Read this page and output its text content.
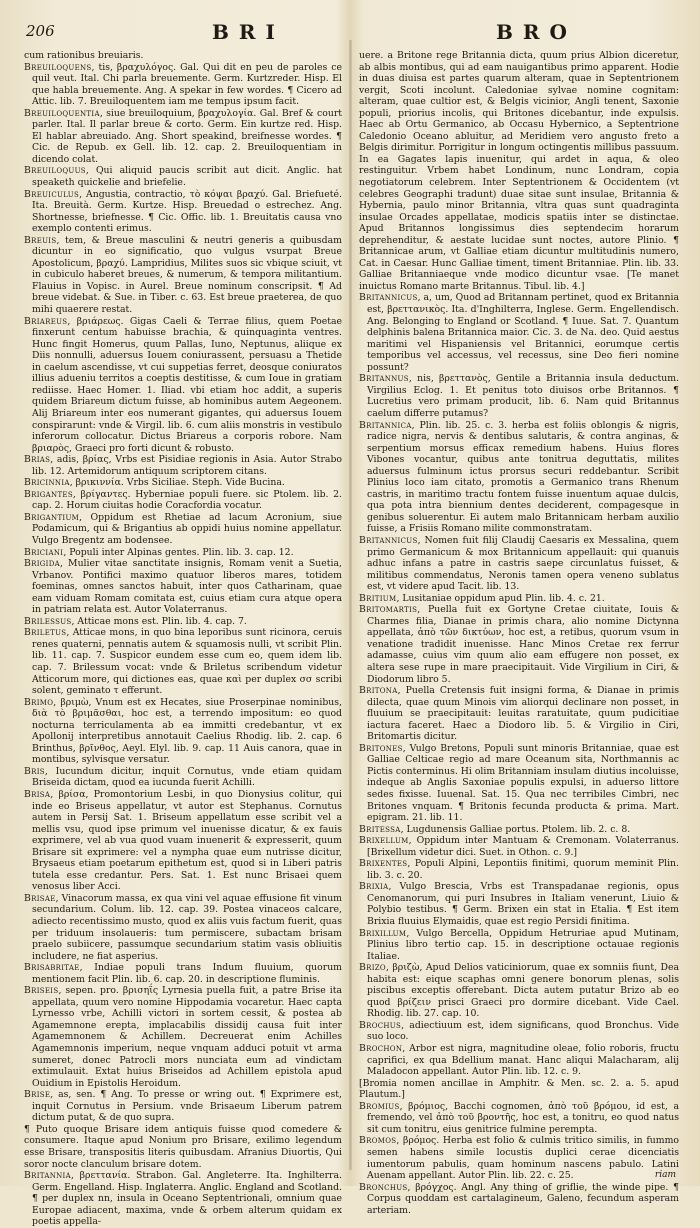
206	BRI	BRO

cum rationibus breuiaris.

Breuiloquens, tis, βραχυλόγος. Gal. Qui dit en peu de paroles ce quil veut. Ital. Chi parla breuemente. Germ. Kurtzreder. Hisp. El que habla breuemente. Ang. A spekar in few wordes. ¶ Cicero ad Attic. lib. 7. Breuiloquentem iam me tempus ipsum facit.

Breuiloquentia, siue breuiloquium, βραχυλογία. Gal. Bref & court parler. Ital. Il parlar breue & corto. Germ. Ein kurtze red. Hisp. El hablar abreuiado. Ang. Short speakind, breifnesse wordes. ¶ Cic. de Repub. ex Gell. lib. 12. cap. 2. Breuiloquentiam in dicendo colat.

Breuiloquus, Qui aliquid paucis scribit aut dicit. Anglic. hat speaketh quickelie and briefelie.

Breuiculus, Angustia, contractio, τὸ κόψαι βραχύ. Gal. Briefueté. Ita. Breuità. Germ. Kurtze. Hisp. Breuedad o estrechez. Ang. Shortnesse, briefnesse. ¶ Cic. Offic. lib. 1. Breuitatis causa vno exemplo contenti erimus.

Breuis, tem, & Breue masculini & neutri generis a quibusdam dicuntur in eo significatio, quo vulgus vsurpat Breue Apostolicum, βραχύ. Lampridius, Milites suos sic vbique sciuit, vt in cubiculo haberet breues, & numerum, & tempora militantium. Flauius in Vopisc. in Aurel. Breue nominum conscripsit. ¶ Ad breue videbat. & Sue. in Tiber. c. 63. Est breue praeterea, de quo mihi quaerere restat.

Briareus, βριάρεως. Gigas Caeli & Terrae filius, quem Poetae finxerunt centum habuisse brachia, & quinquaginta ventres. Hunc fingit Homerus, quum Pallas, Iuno, Neptunus, aliique ex Diis nonnulli, aduersus Iouem coniurassent, persuasu a Thetide in caelum ascendisse, vt cui suppetias ferret, deosque coniuratos illius adueniu territos a coeptis destitisse, & cum Ioue in gratiam rediisse. Haec Homer. 1. Iliad. vbi etiam hoc addit, a superis quidem Briareum dictum fuisse, ab hominibus autem Aegeonem. Alij Briareum inter eos numerant gigantes, qui aduersus Iouem conspirarunt: vnde & Virgil. lib. 6. cum aliis monstris in vestibulo inferorum collocatur. Dictus Briareus a corporis robore. Nam βριαρὸς, Graeci pro forti dicunt & robusto.

Brias, adis, βρίας, Vrbs est Pisidiae regionis in Asia. Autor Strabo lib. 12. Artemidorum antiquum scriptorem citans.

Bricinnia, βρικιννία. Vrbs Siciliae. Steph. Vide Bucina.

Brigantes, βρίγαντες. Hyberniae populi fuere. sic Ptolem. lib. 2. cap. 2. Horum ciuitas hodie Coracfordia vocatur.

Brigantium, Oppidum est Rhetiae ad lacum Acronium, siue Podamicum, qui & Brigantius ab oppidi huius nomine appellatur. Vulgo Bregentz am bodensee.

Briciani, Populi inter Alpinas gentes. Plin. lib. 3. cap. 12.

Brigida, Mulier vitae sanctitate insignis, Romam venit a Suetia, Vrbanov. Pontifici maximo quatuor liberos mares, totidem foeminas, omnes sanctos habuit, inter quos Catharinam, quae eam viduam Romam comitata est, cuius etiam cura atque opera in patriam relata est. Autor Volaterranus.

Brilessus, Atticae mons est. Plin. lib. 4. cap. 7.

Briletus, Atticae mons, in quo bina leporibus sunt ricinora, ceruis renes quaterni, pennatis autem & squamosis nulli, vt scribit Plin. lib. 11. cap. 7. Suspicor eundem esse cum eo, quem idem lib. cap. 7. Brilessum vocat: vnde & Briletus scribendum videtur Atticorum more, qui dictiones eas, quae καὶ per duplex σσ scribi solent, geminato τ efferunt.

Brimo, βριμὼ, Vnum est ex Hecates, siue Proserpinae nominibus, διὰ τὸ βριμᾶσθαι, hoc est, a terrendo impositum: eo quod nocturna terriculamenta ab ea immitti credebantur, vt ex Apollonij interpretibus annotauit Caelius Rhodig. lib. 2. cap. 6 Brinthus, βρῖνθος, Aeyl. Elyl. lib. 9. cap. 11 Auis canora, quae in montibus, sylvisque versatur.

Bris, Iucundum dicitur, inquit Cornutus, vnde etiam quidam Briseida dictam, quod ea iucunda fuerit Achilli.

Brisa, βρίσα, Promontorium Lesbi, in quo Dionysius colitur, qui inde eo Briseus appellatur, vt autor est Stephanus. Cornutus autem in Persij Sat. 1. Briseum appellatum esse scribit vel a mellis vsu, quod ipse primum vel inuenisse dicatur, & ex fauis exprimere, vel ab vua quod vuam inuenerit & expresserit, quum Brisare sit exprimere: vel a nympha quae eum nutrisse dicitur, Brysaeus etiam poetarum epithetum est, quod si in Liberi patris tutela esse credantur. Pers. Sat. 1. Est nunc Brisaei quem venosus liber Acci.

Brisae, Vinacorum massa, ex qua vini vel aquae effusione fit vinum secundarium. Colum. lib. 12. cap. 39. Postea vinaceos calcare, adiecto recentissimo musto, quod ex aliis vuis factum fuerit, quas per triduum insolaueris: tum permiscere, subactam brisam praelo subiicere, passumque secundarium statim vasis obliuitis includere, ne fiat asperius.

Brisabritae, Indiae populi trans Indum fluuium, quorum mentionem facit Plin. lib. 6. cap. 20. in descriptione fluminis.

Briseis, sepen. pro. βρισηΐς Lyrnesia puella fuit, a patre Brise ita appellata, quum vero nomine Hippodamia vocaretur. Haec capta Lyrnesso vrbe, Achilli victori in sortem cessit, & postea ab Agamemnone erepta, implacabilis dissidij causa fuit inter Agamemnonem & Achillem. Decreuerat enim Achilles Agamemnonis imperium, neque vnquam adduci potuit vt arma sumeret, donec Patrocli mors nunciata eum ad vindictam extimulauit. Extat huius Briseidos ad Achillem epistola apud Ouidium in Epistolis Heroidum.

Brise, as, sen. ¶ Ang. To presse or wring out. ¶ Exprimere est, inquit Cornutus in Persium. vnde Brisaeum Liberum patrem dictum putat, & de quo supra.

¶ Puto quoque Brisare idem antiquis fuisse quod comedere & consumere. Itaque apud Nonium pro Brisare, exilimo legendum esse Brisare, transpositis literis quibusdam. Afranius Diuortis, Qui soror nocte clanculum brisare dotem.

Britannia, βρεττανία. Strabon. Gal. Angleterre. Ita. Inghilterra. Germ. Engelland. Hisp. Inglaterra. Anglic. England and Scotland. ¶ per duplex nn, insula in Oceano Septentrionali, omnium quae Europae adiacent, maxima, vnde & orbem alterum quidam ex poetis appella-

uere. a Britone rege Britannia dicta, quum prius Albion diceretur, ab albis montibus, qui ad eam nauigantibus primo apparent. Hodie in duas diuisa est partes quarum alteram, quae in Septentrionem vergit, Scoti incolunt. Caledoniae sylvae nomine cognitam: alteram, quae cultior est, & Belgis vicinior, Angli tenent, Saxonie populi, priorius incolis, qui Britones dicebantur, inde expulsis. Haec ab Ortu Germanico, ab Occasu Hybernico, a Septentrione Caledonio Oceano abluitur, ad Meridiem vero angusto freto a Belgis dirimitur. Porrigitur in longum octingentis millibus passuum. In ea Gagates lapis inuenitur, qui ardet in aqua, & oleo restinguitur. Vrbem habet Londinum, nunc Londram, copia negotiatorum celebrem. Inter Septentrionem & Occidentem (vt celebres Geographi tradunt) duae sitae sunt insulae, Britannia & Hybernia, paulo minor Britannia, vltra quas sunt quadraginta insulae Orcades appellatae, modicis spatiis inter se distinctae. Apud Britannos longissimus dies septendecim horarum deprehenditur, & aestate lucidae sunt noctes, autore Plinio. ¶ Britannicae arum, vt Galliae etiam dicuntur multitudinis numero, Cat. in Caesar. Hunc Galliae timent, timent Britanniae. Plin. lib. 33. Galliae Britanniaeque vnde modico dicuntur vsae. [Te manet inuictus Romano marte Britannus. Tibul. lib. 4.]

Britannicus, a, um, Quod ad Britannam pertinet, quod ex Britannia est, βρεττανικὸς. Ita. d'Inghilterra, Inglese. Germ. Engellendisch. Ang. Belonging to England or Scotland. ¶ Iuue. Sat. 7. Quantum delphinis balena Britannica maior. Cic. 3. de Na. deo. Quid aestus maritimi vel Hispaniensis vel Britannici, eorumque certis temporibus vel accessus, vel recessus, sine Deo fieri nomine possunt?

Britannus, nis, βρεττανὸς, Gentile a Britannia insula deductum. Virgilius Eclog. 1. Et penitus toto diuisos orbe Britannos. ¶ Lucretius vero primam producit, lib. 6. Nam quid Britannus caelum differre putamus?

Britannica, Plin. lib. 25. c. 3. herba est foliis oblongis & nigris, radice nigra, nervis & dentibus salutaris, & contra anginas, & serpentium morsus efficax remedium habens. Huius flores Vibones vocantur, quibus ante tonitrua deguttatis, milites aduersus fulminum ictus prorsus securi reddebantur. Scribit Plinius loco iam citato, promotis a Germanico trans Rhenum castris, in maritimo tractu fontem fuisse inuentum aquae dulcis, qua pota intra biennium dentes deciderent, compagesque in genibus soluerentur. Ei autem malo Britannicam herbam auxilio fuisse, a Frisiis Romano milite commonstratam.

Britannicus, Nomen fuit filij Claudij Caesaris ex Messalina, quem primo Germanicum & mox Britannicum appellauit: qui quanuis adhuc infans a patre in castris saepe circunlatus fuisset, & militibus commendatus, Neronis tamen opera veneno sublatus est, vt videre apud Tacit. lib. 13.

Britium, Lusitaniae oppidum apud Plin. lib. 4. c. 21.

Britomartis, Puella fuit ex Gortyne Cretae ciuitate, Iouis & Charmes filia, Dianae in primis chara, alio nomine Dictynna appellata, ἀπὸ τῶν δικτύων, hoc est, a retibus, quorum vsum in venatione tradidit inuenisse. Hanc Minos Cretae rex ferrur adamasse, cuius vim quum alio eam effugere non posset, ex altera sese rupe in mare praecipitauit. Vide Virgilium in Ciri, & Diodorum libro 5.

Britona, Puella Cretensis fuit insigni forma, & Dianae in primis dilecta, quae quum Minois vim aliorqui declinare non posset, in fluuium se praecipitauit: leuitas raratuitate, quum pudicitiae iactura faceret. Haec a Diodoro lib. 5. & Virgilio in Ciri, Britomartis dicitur.

Britones, Vulgo Bretons, Populi sunt minoris Britanniae, quae est Galliae Celticae regio ad mare Oceanum sita, Northmannis ac Pictis conterminus. Hi olim Britanniam insulam diutius incoluisse, indeque ab Anglis Saxoniae populis expulsi, in aduerso littore sedes fixisse. Iuuenal. Sat. 15. Qua nec terribiles Cimbri, nec Britones vnquam. ¶ Britonis fecunda producta & prima. Mart. epigram. 21. lib. 11.

Britessa, Lugdunensis Galliae portus. Ptolem. lib. 2. c. 8.

Brixellum, Oppidum inter Mantuam & Cremonam. Volaterranus. [Brixellum videtur dici. Suet. in Othon. c. 9.]

Brixentes, Populi Alpini, Lepontiis finitimi, quorum meminit Plin. lib. 3. c. 20.

Brixia, Vulgo Brescia, Vrbs est Transpadanae regionis, opus Cenomanorum, qui puri Insubres in Italiam venerunt, Liuio & Polybio testibus. ¶ Germ. Brixen ein stat in Etalia. ¶ Est item Brixia fluuius Elymaidis, quae est regio Persidi finitima.

Brixillum, Vulgo Bercella, Oppidum Hetruriae apud Mutinam, Plinius libro tertio cap. 15. in descriptione octauae regionis Italiae.

Brizo, βριζὼ, Apud Delios vaticiniorum, quae ex somniis fiunt, Dea habita est: eique scaphas omni genere bonorum plenas, solis piscibus exceptis offerebant. Dicta autem putatur Brizo ab eo quod βρίζειν prisci Graeci pro dormire dicebant. Vide Cael. Rhodig. lib. 27. cap. 10.

Brochus, adiectiuum est, idem significans, quod Bronchus. Vide suo loco.

Brochon, Arbor est nigra, magnitudine oleae, folio roboris, fructu caprifici, ex qua Bdellium manat. Hanc aliqui Malacharam, alij Maladocon appellant. Autor Plin. lib. 12. c. 9.

[Bromia nomen ancillae in Amphitr. & Men. sc. 2. a. 5. apud Plautum.]

Bromius, βρόμιος, Bacchi cognomen, ἀπὸ τοῦ βρόμου, id est, a fremendo, vel ἀπὸ τοῦ βροντῆς, hoc est, a tonitru, eo quod natus sit cum tonitru, eius genitrice fulmine perempta.

Bromos, βρόμος. Herba est folio & culmis tritico similis, in fummo semen habens simile locustis duplici cerae dicenciatis iumentorum pabulis, quam hominum nascens pabulo. Latini Auenam appellant. Autor Plin. lib. 22. c. 25.

Bronchus, βρόγχος. Angl. Any thing of griflie, the winde pipe. ¶ Corpus quoddam est cartalagineum, Galeno, fecundum asperam arteriam.

riam
